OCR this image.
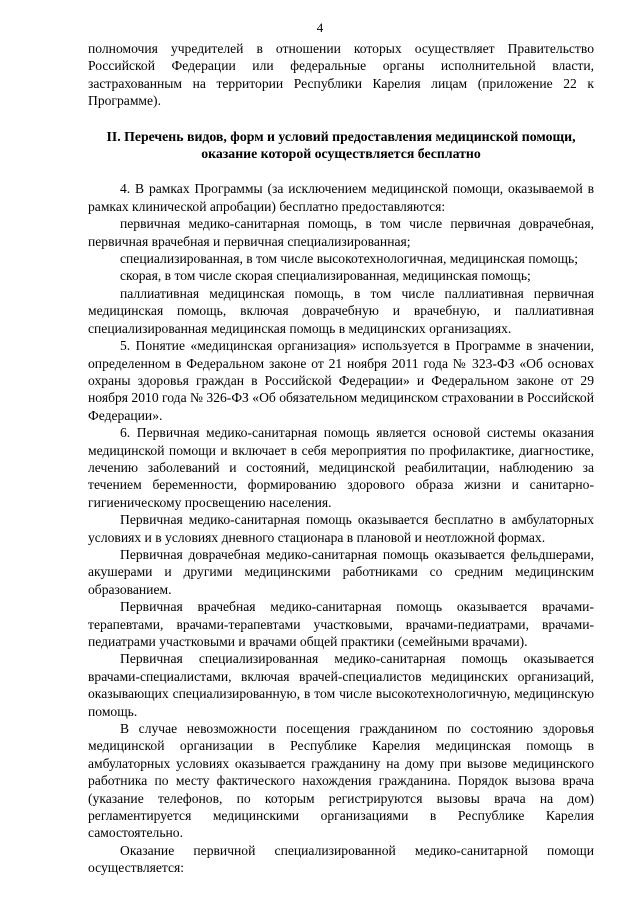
4

полномочия учредителей в отношении которых осуществляет Правительство Российской Федерации или федеральные органы исполнительной власти, застрахованным на территории Республики Карелия лицам (приложение 22 к Программе).

II. Перечень видов, форм и условий предоставления медицинской помощи, оказание которой осуществляется бесплатно

4. В рамках Программы (за исключением медицинской помощи, оказываемой в рамках клинической апробации) бесплатно предоставляются:

первичная медико-санитарная помощь, в том числе первичная доврачебная, первичная врачебная и первичная специализированная;

специализированная, в том числе высокотехнологичная, медицинская помощь;

скорая, в том числе скорая специализированная, медицинская помощь;

паллиативная медицинская помощь, в том числе паллиативная первичная медицинская помощь, включая доврачебную и врачебную, и паллиативная специализированная медицинская помощь в медицинских организациях.

5. Понятие «медицинская организация» используется в Программе в значении, определенном в Федеральном законе от 21 ноября 2011 года № 323-ФЗ «Об основах охраны здоровья граждан в Российской Федерации» и Федеральном законе от 29 ноября 2010 года № 326-ФЗ «Об обязательном медицинском страховании в Российской Федерации».

6. Первичная медико-санитарная помощь является основой системы оказания медицинской помощи и включает в себя мероприятия по профилактике, диагностике, лечению заболеваний и состояний, медицинской реабилитации, наблюдению за течением беременности, формированию здорового образа жизни и санитарно-гигиеническому просвещению населения.

Первичная медико-санитарная помощь оказывается бесплатно в амбулаторных условиях и в условиях дневного стационара в плановой и неотложной формах.

Первичная доврачебная медико-санитарная помощь оказывается фельдшерами, акушерами и другими медицинскими работниками со средним медицинским образованием.

Первичная врачебная медико-санитарная помощь оказывается врачами-терапевтами, врачами-терапевтами участковыми, врачами-педиатрами, врачами-педиатрами участковыми и врачами общей практики (семейными врачами).

Первичная специализированная медико-санитарная помощь оказывается врачами-специалистами, включая врачей-специалистов медицинских организаций, оказывающих специализированную, в том числе высокотехнологичную, медицинскую помощь.

В случае невозможности посещения гражданином по состоянию здоровья медицинской организации в Республике Карелия медицинская помощь в амбулаторных условиях оказывается гражданину на дому при вызове медицинского работника по месту фактического нахождения гражданина. Порядок вызова врача (указание телефонов, по которым регистрируются вызовы врача на дом) регламентируется медицинскими организациями в Республике Карелия самостоятельно.

Оказание первичной специализированной медико-санитарной помощи осуществляется:
